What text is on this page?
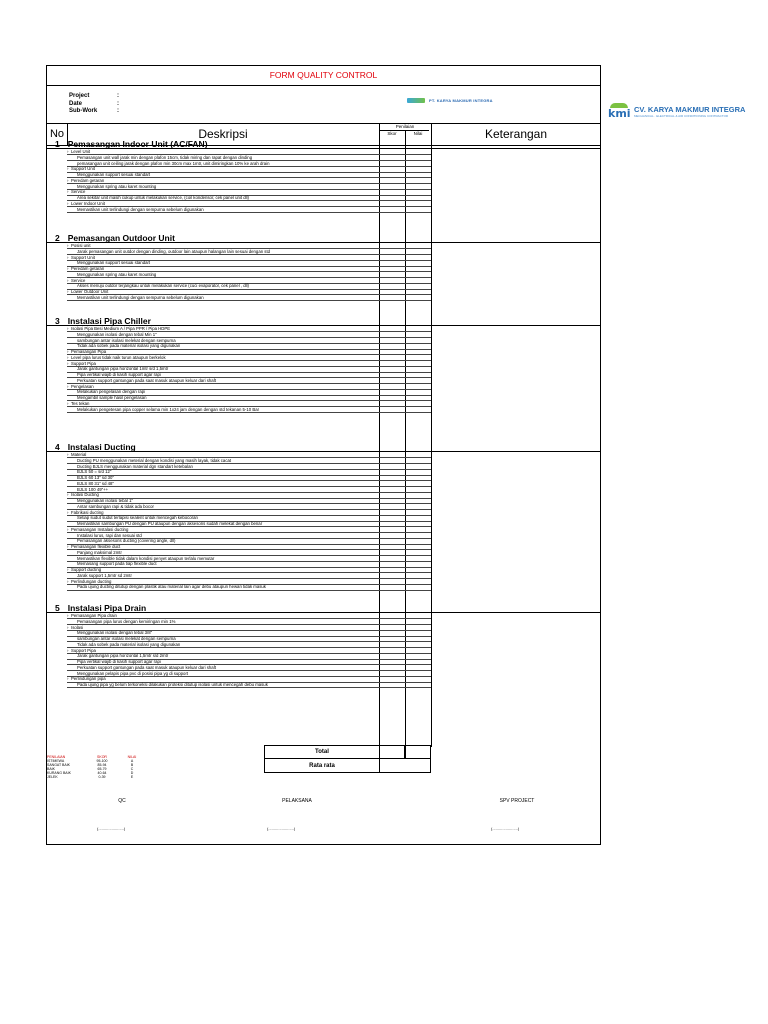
FORM QUALITY CONTROL
Project	:
Date	:
Sub-Work	:
PT. KARYA MAKMUR INTEGRA
No	Deskripsi
Penilaian
Skor	Nilai	Keterangan
1 Pemasangan Indoor Unit (AC/FAN)
Level Unit
›
Pemasangan unit wall jarak min dengan plafon 15cm, tidak miring dan rapat dengan dinding
pemasangan unit ceiling jarak dengan plafon min 30cm max 1mtr, unit dimiringkan 10% ke arah drain
Support Unit
›
Menggunakan support sesuai standart
Peredam getaran
›
Menggunakan spring atau karet mounting
Service
›
Area sekitar unit masih cukup untuk melakukan service, (coil kondensor, cek panel unit dll)
Lower Indoor Unit
›
Memastikan unit terlindungi dengan sempurna sebelum digunakan
2 Pemasangan Outdoor Unit
Posisi unit
›
Jarak pemasangan unit outdor dengan dinding, outdoor lain ataupun halangan lain sesuai dengan std
Support Unit
›
Menggunakan support sesuai standart
Peredam getaran
›
Menggunakan spring atau karet mounting
Service
›
Akses menuju outdor terjangkau untuk melakukan service (cuci evaporator, cek panel , dll)
Lower Outdoor Unit
›
Memastikan unit terlindungi dengan sempurna sebelum digunakan
3 Instalasi Pipa Chiller
Isolasi Pipa Besi Medium A / Pipa PPR / Pipa HDPE
›
Menggunakan isolasi dengan tebal Min 1"
sambungan antar isolasi melekat dengan sempurna
Tidak ada sobek pada material isolasi yang digunakan
Pemasangan Pipa
›
Level pipa lurus tidak naik turun ataupun berkelok
›
Support Pipa
›
Jarak gantungan pipa horizontal 1mtr s/d 1,5mtr
Pipa vertikal wajib di kasih support agar rapi
Perkuatan support gantungan pada saat masuk ataupun keluar dari shaft
Pengelasan
›
Melakukan pengelasan dengan rapi
Mengambil sample hasil pengelasan
Tes tekan
›
Melakukan pengetesan pipa copper selama min 1x24 jam dengan dengan std tekanan 5-10 Bar
4 Instalasi Ducting
Material
›
Ducting PU menggunakan meterial dengan kondisi yang masih layak, tidak cacat
Ducting BJLS menggunakan material dgn standart ketebalan
BJLS 50 = s/d 12"
BJLS 60 13" sd 30"
BJLS 80 31" sd 48"
BJLS 100 49"++
Isolasi Ducting
›
Menggunakan isolasi tebal 1"
Antar sambungan rapi & tidak ada bocor
Fabrikasi ducting
›
Setiap sudut sudut terlapisi sealent untuk mencegah kebocoran
Memastikan sambungan PU dengan PU ataupun dengan aksesoris sudah melekat dengan benar
Pemasangan Instalasi ducting
›
Instalasi lurus, rapi dan sesuai std
Pemasangan aksesoris ducting (covering angle, dll)
Pemasangan flexible duct
›
Panjang maksimal 2mtr
Memastikan flexible tidak dalam kondisi penyet ataupun terlalu memutar
Memasang support pada tiap flexible duct
Support ducting
›
Jarak support 1,5mtr sd 2mtr
Perlindungan ducting
›
Pada ujung ducting ditutup dengan plastik atau material lain agar debu ataupun hewan tidak masuk
5 Instalasi Pipa Drain
Pemasangan Pipa drain
›
Pemasangan pipa lurus dengan kemiringan min 1%
Isolasi
›
Menggunakan isolasi dengan tebal 3/8"
sambungan antar isolasi melekat dengan sempurna
Tidak ada sobek pada material isolasi yang digunakan
Support Pipa
›
Jarak gantungan pipa horizontal 1,5mtr s/d 2mtr
Pipa vertikal wajib di kasih support agar rapi
Perkuatan support gantungan pada saat masuk ataupun keluar dari shaft
Menggunakan pelapis pipa pvc di posisi pipa yg di support
Perlindungan pipa
›
Pada ujung pipa yg belum terkoneksi dilakukan proteksi ditutup isolasi untuk mencegah debu masuk
PENILAIAN	SKOR	NILAI
ISTIMEWA	95-100	A
SANGAT BAIK	85-94	B
BAIK	65-79	C
KURANG BAIK	40-64	D
JELEK	0-39	E
Total
Rata rata
QC	PELAKSANA	SPV PROJECT
(.......................)	(.......................)	(.......................)
kmi CV. KARYA MAKMUR INTEGRA
MECHANICAL · ELECTRICAL & AIR CONDITIONING CONTRACTOR
